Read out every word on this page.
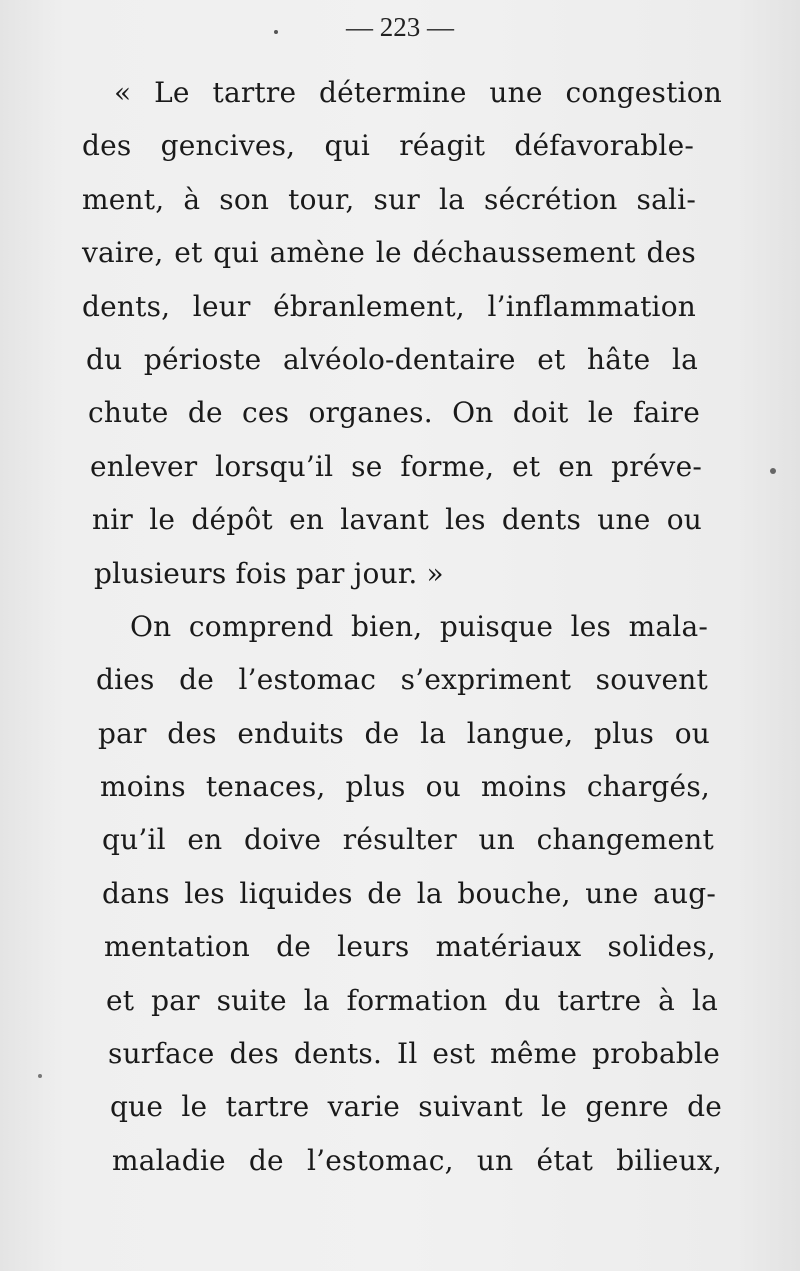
— 223 —
« Le tartre détermine une congestion
des gencives, qui réagit défavorable-
ment, à son tour, sur la sécrétion sali-
vaire, et qui amène le déchaussement des
dents, leur ébranlement, l’inflammation
du périoste alvéolo-dentaire et hâte la
chute de ces organes. On doit le faire
enlever lorsqu’il se forme, et en préve-
nir le dépôt en lavant les dents une ou
plusieurs fois par jour. »
On comprend bien, puisque les mala-
dies de l’estomac s’expriment souvent
par des enduits de la langue, plus ou
moins tenaces, plus ou moins chargés,
qu’il en doive résulter un changement
dans les liquides de la bouche, une aug-
mentation de leurs matériaux solides,
et par suite la formation du tartre à la
surface des dents. Il est même probable
que le tartre varie suivant le genre de
maladie de l’estomac, un état bilieux,
